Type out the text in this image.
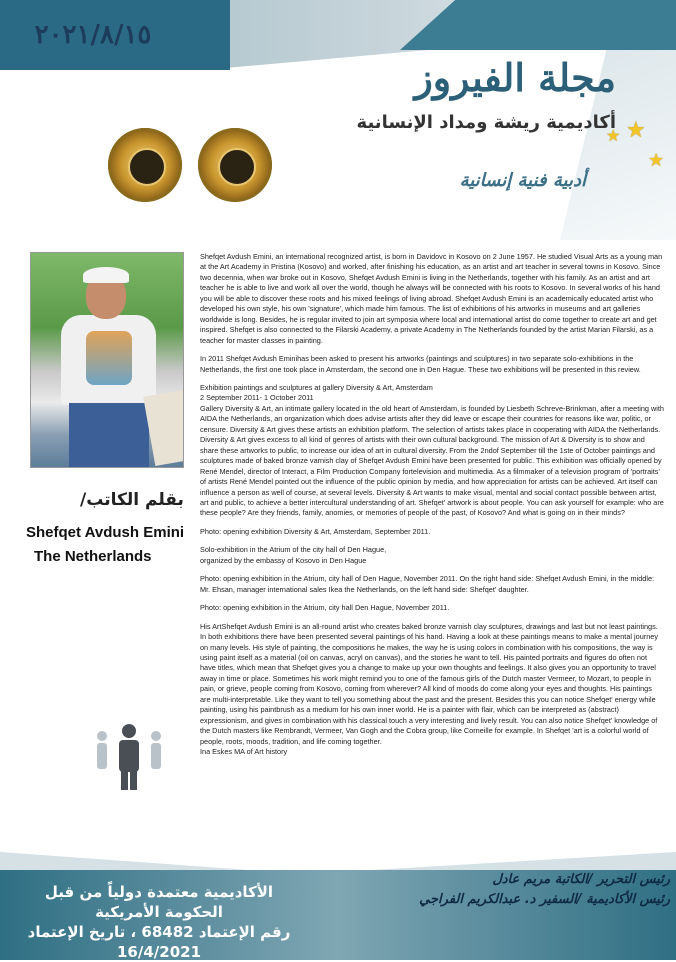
٢٠٢١/٨/١٥
مجلة الفيروز
أكاديمية ريشة ومداد الإنسانية
أدبية فنية إنسانية
★ ★
★
بقلم الكاتب/
Shefqet Avdush Emini
The Netherlands

Shefqet Avdush Emini, an international recognized artist, is born in Davidovc in Kosovo on 2 June 1957. He studied Visual Arts as a young man at the Art Academy in Pristina (Kosovo) and worked, after finishing his education, as an artist and art teacher in several towns in Kosovo. Since two decennia, when war broke out in Kosovo, Shefqet Avdush Emini is living in the Netherlands, together with his family. As an artist and art teacher he is able to live and work all over the world, though he always will be connected with his roots to Kosovo. In several works of his hand you will be able to discover these roots and his mixed feelings of living abroad. Shefqet Avdush Emini is an academically educated artist who developed his own style, his own 'signature', which made him famous. The list of exhibitions of his artworks in museums and art galleries worldwide is long. Besides, he is regular invited to join art symposia where local and international artist do come together to create art and get inspired. Shefqet is also connected to the Filarski Academy, a private Academy in The Netherlands founded by the artist Marian Filarski, as a teacher for master classes in painting.

In 2011 Shefqet Avdush Eminihas been asked to present his artworks (paintings and sculptures) in two separate solo-exhibitions in the Netherlands, the first one took place in Amsterdam, the second one in Den Hague. These two exhibitions will be presented in this review.

Exhibition paintings and sculptures at gallery Diversity & Art, Amsterdam
2 September 2011- 1 October 2011
Gallery Diversity & Art, an intimate gallery located in the old heart of Amsterdam, is founded by Liesbeth Schreve-Brinkman, after a meeting with AIDA the Netherlands, an organization which does advise artists after they did leave or escape their countries for reasons like war, politic, or censure. Diversity & Art gives these artists an exhibition platform. The selection of artists takes place in cooperating with AIDA the Netherlands. Diversity & Art gives excess to all kind of genres of artists with their own cultural background. The mission of Art & Diversity is to show and share these artworks to public, to increase our idea of art in cultural diversity. From the 2ndof September till the 1ste of October paintings and sculptures made of baked bronze varnish clay of Shefqet Avdush Emini have been presented for public. This exhibition was officially opened by René Mendel, director of Interact, a Film Production Company fortelevision and multimedia. As a filmmaker of a television program of 'portraits' of artists René Mendel pointed out the influence of the public opinion by media, and how appreciation for artists can be achieved. Art itself can influence a person as well of course, at several levels. Diversity & Art wants to make visual, mental and social contact possible between artist, art and public, to achieve a better intercultural understanding of art. Shefqet' artwork is about people. You can ask yourself for example: who are these people? Are they friends, family, anomies, or memories of people of the past, of Kosovo? And what is going on in their minds?

Photo: opening exhibition Diversity & Art, Amsterdam, September 2011.

Solo-exhibition in the Atrium of the city hall of Den Hague,
organized by the embassy of Kosovo in Den Hague

Photo: opening exhibition in the Atrium, city hall of Den Hague, November 2011. On the right hand side: Shefqet Avdush Emini, in the middle: Mr. Ehsan, manager international sales Ikea the Netherlands, on the left hand side: Shefqet' daughter.

Photo: opening exhibition in the Atrium, city hall Den Hague, November 2011.

His ArtShefqet Avdush Emini is an all-round artist who creates baked bronze varnish clay sculptures, drawings and last but not least paintings. In both exhibitions there have been presented several paintings of his hand. Having a look at these paintings means to make a mental journey on many levels. His style of painting, the compositions he makes, the way he is using colors in combination with his compositions, the way is using paint itself as a material (oil on canvas, acryl on canvas), and the stories he want to tell. His painted portraits and figures do often not have titles, which mean that Shefqet gives you a change to make up your own thoughts and feelings. It also gives you an opportunity to travel away in time or place. Sometimes his work might remind you to one of the famous girls of the Dutch master Vermeer, to Mozart, to people in pain, or grieve, people coming from Kosovo, coming from wherever? All kind of moods do come along your eyes and thoughts. His paintings are multi-interpretable. Like they want to tell you something about the past and the present. Besides this you can notice Shefqet' energy while painting, using his paintbrush as a medium for his own inner world. He is a painter with flair, which can be interpreted as (abstract) expressionism, and gives in combination with his classical touch a very interesting and lively result. You can also notice Shefqet' knowledge of the Dutch masters like Rembrandt, Vermeer, Van Gogh and the Cobra group, like Corneille for example. In Shefqet 'art is a colorful world of people, roots, moods, tradition, and life coming together.
Ina Eskes MA of Art history

الأكاديمية معتمدة دولياً من قبل الحكومة الأمريكية
رقم الإعتماد 68482 ، تاريخ الإعتماد 16/4/2021
رئيس التحرير /الكاتبة مريم عادل
رئيس الأكاديمية /السفير د. عبدالكريم الفراجي
